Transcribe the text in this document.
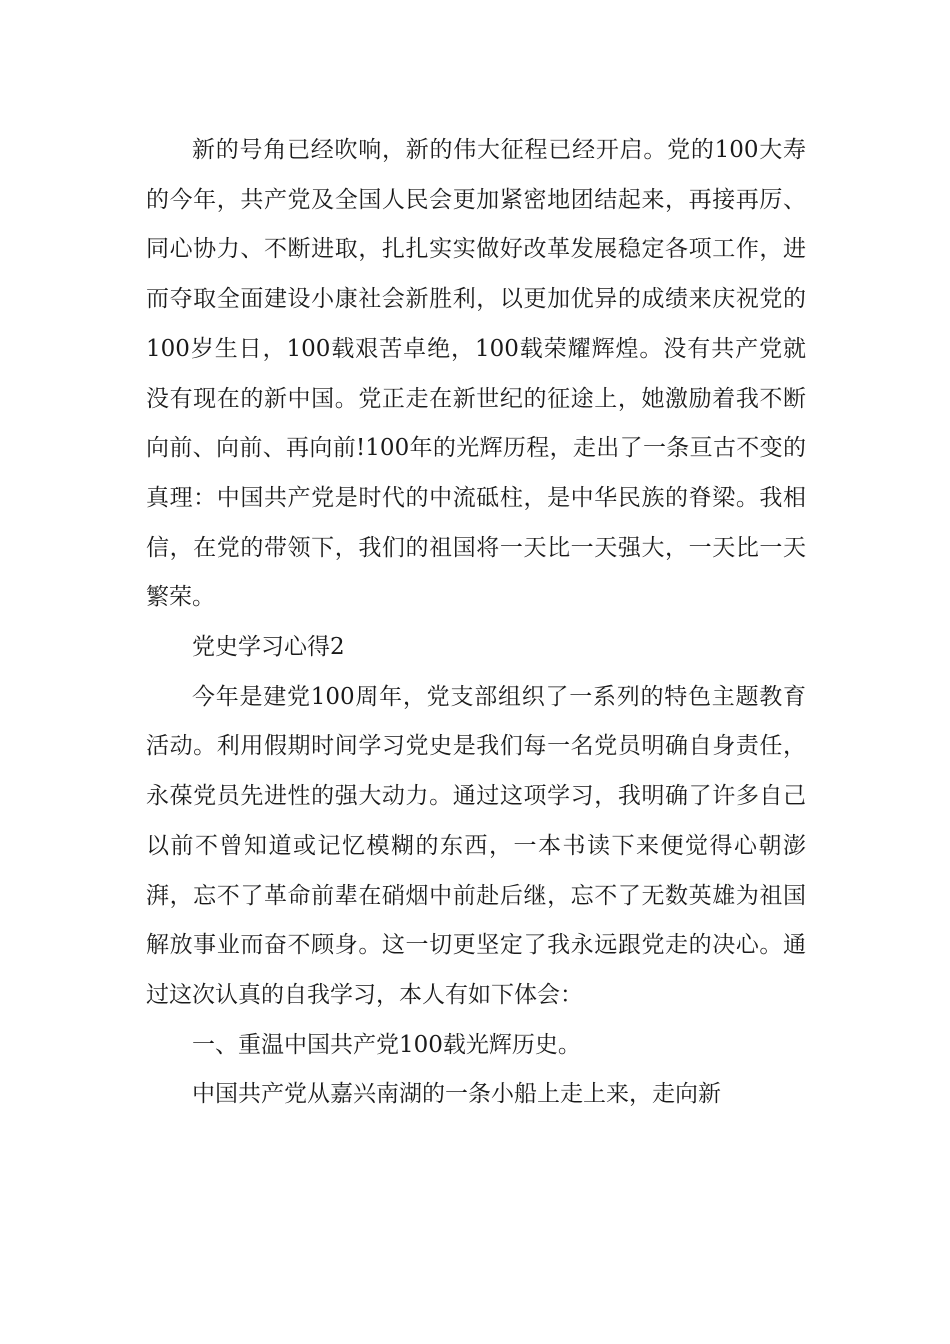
新的号角已经吹响，新的伟大征程已经开启。党的100大寿的今年，共产党及全国人民会更加紧密地团结起来，再接再厉、同心协力、不断进取，扎扎实实做好改革发展稳定各项工作，进而夺取全面建设小康社会新胜利，以更加优异的成绩来庆祝党的100岁生日，100载艰苦卓绝，100载荣耀辉煌。没有共产党就没有现在的新中国。党正走在新世纪的征途上，她激励着我不断向前、向前、再向前!100年的光辉历程，走出了一条亘古不变的真理：中国共产党是时代的中流砥柱，是中华民族的脊梁。我相信，在党的带领下，我们的祖国将一天比一天强大，一天比一天繁荣。

党史学习心得2

今年是建党100周年，党支部组织了一系列的特色主题教育活动。利用假期时间学习党史是我们每一名党员明确自身责任，永葆党员先进性的强大动力。通过这项学习，我明确了许多自己以前不曾知道或记忆模糊的东西，一本书读下来便觉得心朝澎湃，忘不了革命前辈在硝烟中前赴后继，忘不了无数英雄为祖国解放事业而奋不顾身。这一切更坚定了我永远跟党走的决心。通过这次认真的自我学习，本人有如下体会：

一、重温中国共产党100载光辉历史。

中国共产党从嘉兴南湖的一条小船上走上来，走向新
